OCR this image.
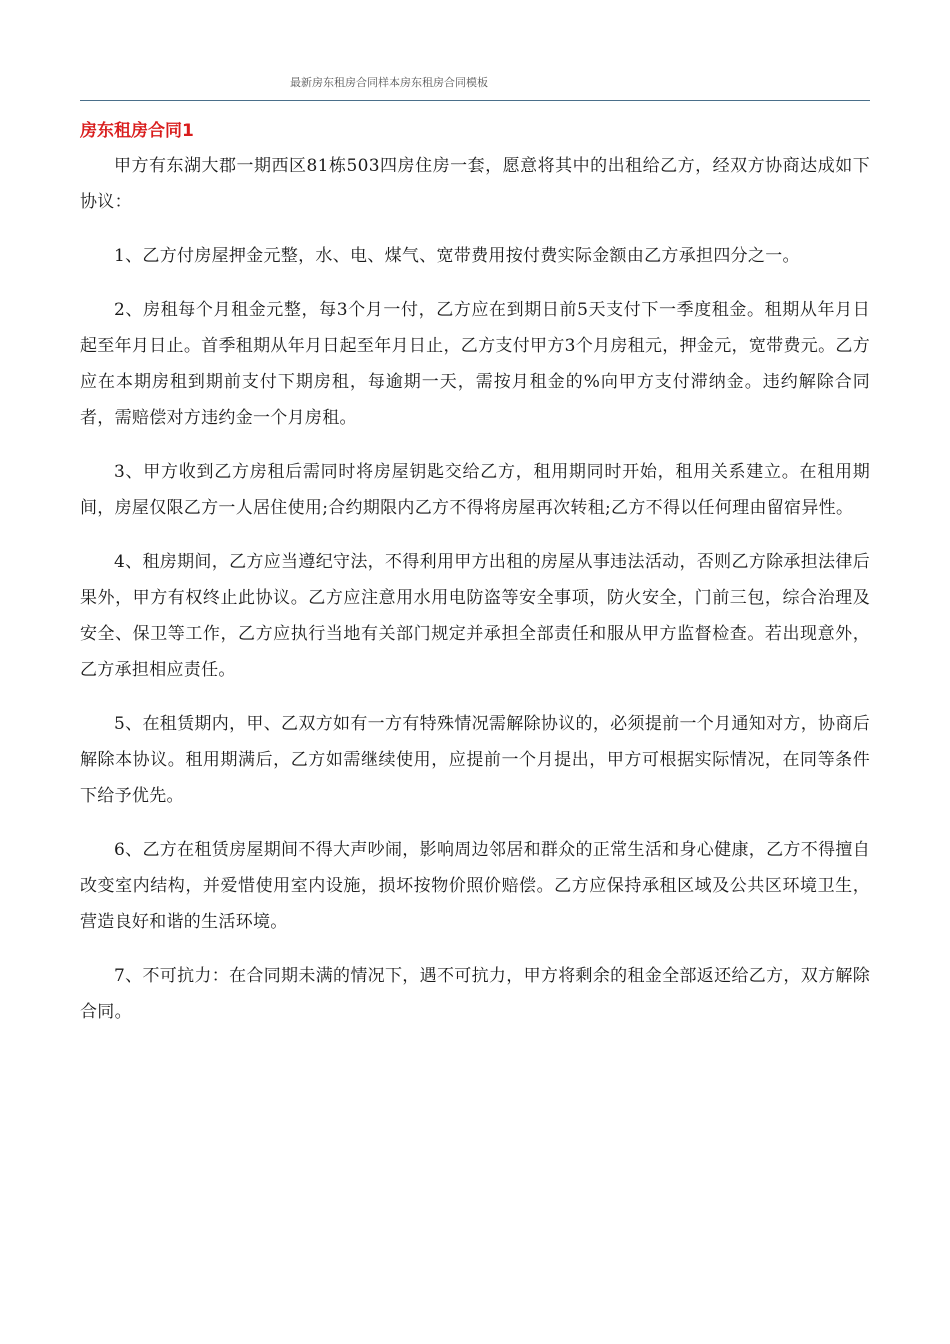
最新房东租房合同样本房东租房合同模板
房东租房合同1

甲方有东湖大郡一期西区81栋503四房住房一套，愿意将其中的出租给乙方，经双方协商达成如下协议：

1、乙方付房屋押金元整，水、电、煤气、宽带费用按付费实际金额由乙方承担四分之一。

2、房租每个月租金元整，每3个月一付，乙方应在到期日前5天支付下一季度租金。租期从年月日起至年月日止。首季租期从年月日起至年月日止，乙方支付甲方3个月房租元，押金元，宽带费元。乙方应在本期房租到期前支付下期房租，每逾期一天，需按月租金的%向甲方支付滞纳金。违约解除合同者，需赔偿对方违约金一个月房租。

3、甲方收到乙方房租后需同时将房屋钥匙交给乙方，租用期同时开始，租用关系建立。在租用期间，房屋仅限乙方一人居住使用;合约期限内乙方不得将房屋再次转租;乙方不得以任何理由留宿异性。

4、租房期间，乙方应当遵纪守法，不得利用甲方出租的房屋从事违法活动，否则乙方除承担法律后果外，甲方有权终止此协议。乙方应注意用水用电防盗等安全事项，防火安全，门前三包，综合治理及安全、保卫等工作，乙方应执行当地有关部门规定并承担全部责任和服从甲方监督检查。若出现意外，乙方承担相应责任。

5、在租赁期内，甲、乙双方如有一方有特殊情况需解除协议的，必须提前一个月通知对方，协商后解除本协议。租用期满后，乙方如需继续使用，应提前一个月提出，甲方可根据实际情况，在同等条件下给予优先。

6、乙方在租赁房屋期间不得大声吵闹，影响周边邻居和群众的正常生活和身心健康，乙方不得擅自改变室内结构，并爱惜使用室内设施，损坏按物价照价赔偿。乙方应保持承租区域及公共区环境卫生，营造良好和谐的生活环境。

7、不可抗力：在合同期未满的情况下，遇不可抗力，甲方将剩余的租金全部返还给乙方，双方解除合同。
